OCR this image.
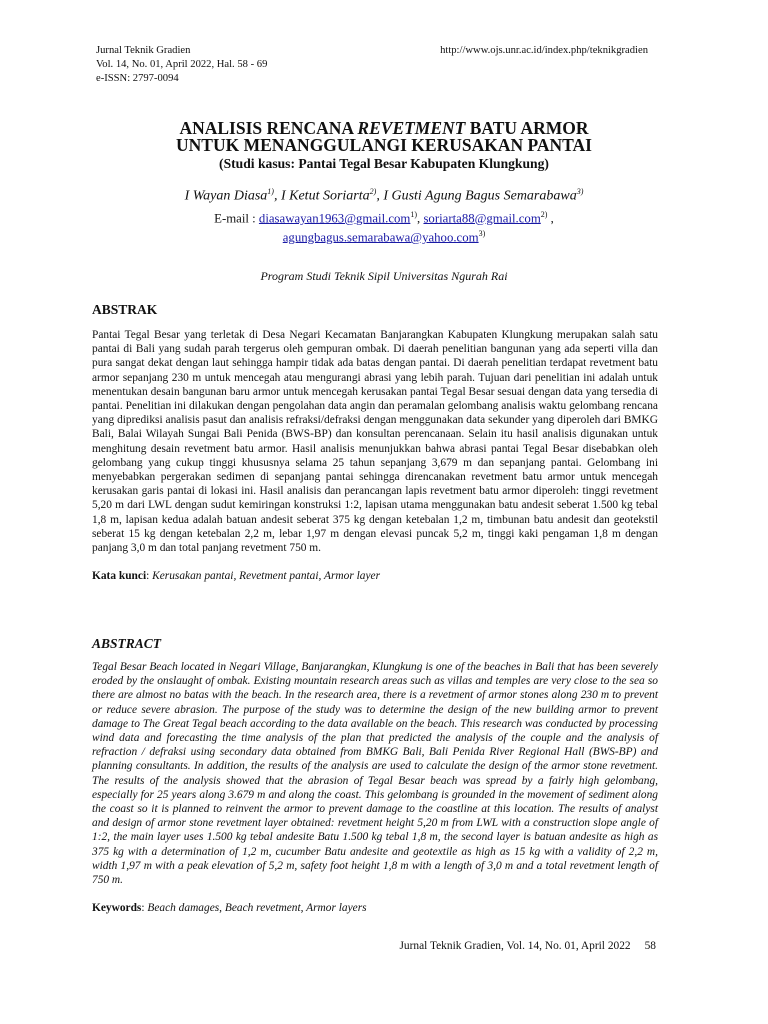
Jurnal Teknik Gradien
Vol. 14, No. 01, April 2022, Hal. 58 - 69
e-ISSN: 2797-0094
http://www.ojs.unr.ac.id/index.php/teknikgradien
ANALISIS RENCANA REVETMENT BATU ARMOR
UNTUK MENANGGULANGI KERUSAKAN PANTAI
(Studi kasus: Pantai Tegal Besar Kabupaten Klungkung)
I Wayan Diasa$^{1)}$, I Ketut Soriarta$^{2)}$, I Gusti Agung Bagus Semarabawa$^{3)}$
E-mail : diasawayan1963@gmail.com$^{1)}$, soriarta88@gmail.com$^{2)}$ ,
agungbagus.semarabawa@yahoo.com$^{3)}$
Program Studi Teknik Sipil Universitas Ngurah Rai
ABSTRAK

Pantai Tegal Besar yang terletak di Desa Negari Kecamatan Banjarangkan Kabupaten Klungkung merupakan salah satu pantai di Bali yang sudah parah tergerus oleh gempuran ombak. Di daerah penelitian bangunan yang ada seperti villa dan pura sangat dekat dengan laut sehingga hampir tidak ada batas dengan pantai. Di daerah penelitian terdapat revetment batu armor sepanjang 230 m untuk mencegah atau mengurangi abrasi yang lebih parah. Tujuan dari penelitian ini adalah untuk menentukan desain bangunan baru armor untuk mencegah kerusakan pantai Tegal Besar sesuai dengan data yang tersedia di pantai. Penelitian ini dilakukan dengan pengolahan data angin dan peramalan gelombang analisis waktu gelombang rencana yang diprediksi analisis pasut dan analisis refraksi/defraksi dengan menggunakan data sekunder yang diperoleh dari BMKG Bali, Balai Wilayah Sungai Bali Penida (BWS-BP) dan konsultan perencanaan. Selain itu hasil analisis digunakan untuk menghitung desain revetment batu armor. Hasil analisis menunjukkan bahwa abrasi pantai Tegal Besar disebabkan oleh gelombang yang cukup tinggi khususnya selama 25 tahun sepanjang 3,679 m dan sepanjang pantai. Gelombang ini menyebabkan pergerakan sedimen di sepanjang pantai sehingga direncanakan revetment batu armor untuk mencegah kerusakan garis pantai di lokasi ini. Hasil analisis dan perancangan lapis revetment batu armor diperoleh: tinggi revetment 5,20 m dari LWL dengan sudut kemiringan konstruksi 1:2, lapisan utama menggunakan batu andesit seberat 1.500 kg tebal 1,8 m, lapisan kedua adalah batuan andesit seberat 375 kg dengan ketebalan 1,2 m, timbunan batu andesit dan geotekstil seberat 15 kg dengan ketebalan 2,2 m, lebar 1,97 m dengan elevasi puncak 5,2 m, tinggi kaki pengaman 1,8 m dengan panjang 3,0 m dan total panjang revetment 750 m.

Kata kunci: Kerusakan pantai, Revetment pantai, Armor layer
ABSTRACT

Tegal Besar Beach located in Negari Village, Banjarangkan, Klungkung is one of the beaches in Bali that has been severely eroded by the onslaught of ombak. Existing mountain research areas such as villas and temples are very close to the sea so there are almost no batas with the beach. In the research area, there is a revetment of armor stones along 230 m to prevent or reduce severe abrasion. The purpose of the study was to determine the design of the new building armor to prevent damage to The Great Tegal beach according to the data available on the beach. This research was conducted by processing wind data and forecasting the time analysis of the plan that predicted the analysis of the couple and the analysis of refraction / defraksi using secondary data obtained from BMKG Bali, Bali Penida River Regional Hall (BWS-BP) and planning consultants. In addition, the results of the analysis are used to calculate the design of the armor stone revetment. The results of the analysis showed that the abrasion of Tegal Besar beach was spread by a fairly high gelombang, especially for 25 years along 3.679 m and along the coast. This gelombang is grounded in the movement of sediment along the coast so it is planned to reinvent the armor to prevent damage to the coastline at this location. The results of analyst and design of armor stone revetment layer obtained: revetment height 5,20 m from LWL with a construction slope angle of 1:2, the main layer uses 1.500 kg tebal andesite Batu 1.500 kg tebal 1,8 m, the second layer is batuan andesite as high as 375 kg with a determination of 1,2 m, cucumber Batu andesite and geotextile as high as 15 kg with a validity of 2,2 m, width 1,97 m with a peak elevation of 5,2 m, safety foot height 1,8 m with a length of 3,0 m and a total revetment length of 750 m.

Keywords: Beach damages, Beach revetment, Armor layers
Jurnal Teknik Gradien, Vol. 14, No. 01, April 2022 58
